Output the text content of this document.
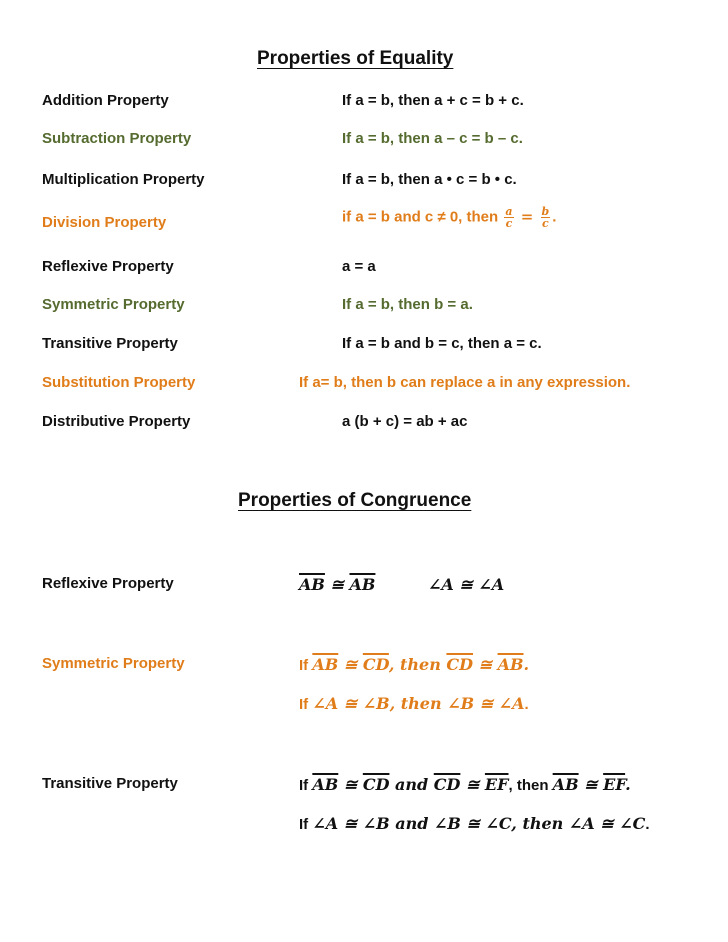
Properties of Equality
Addition Property	If a = b, then a + c = b + c.
Subtraction Property	If a = b, then a – c = b – c.
Multiplication Property	If a = b, then a • c = b • c.
Division Property	if a = b and c ≠ 0, then $\frac{a}{c} = \frac{b}{c}$ .
Reflexive Property	a = a
Symmetric Property	If a = b, then b = a.
Transitive Property	If a = b and b = c, then a = c.
Substitution Property	If a= b, then b can replace a in any expression.
Distributive Property	a (b + c) = ab + ac
Properties of Congruence
Reflexive Property	$\overline{AB}$ ≅ $\overline{AB}$	∠A ≅ ∠A
Symmetric Property	If $\overline{AB}$ ≅ $\overline{CD}$, then $\overline{CD}$ ≅ $\overline{AB}$.
If ∠A ≅ ∠B, then ∠B ≅ ∠A.
Transitive Property	If $\overline{AB}$ ≅ $\overline{CD}$ and $\overline{CD}$ ≅ $\overline{EF}$, then $\overline{AB}$ ≅ $\overline{EF}$.
If ∠A ≅ ∠B and ∠B ≅ ∠C, then ∠A ≅ ∠C.
